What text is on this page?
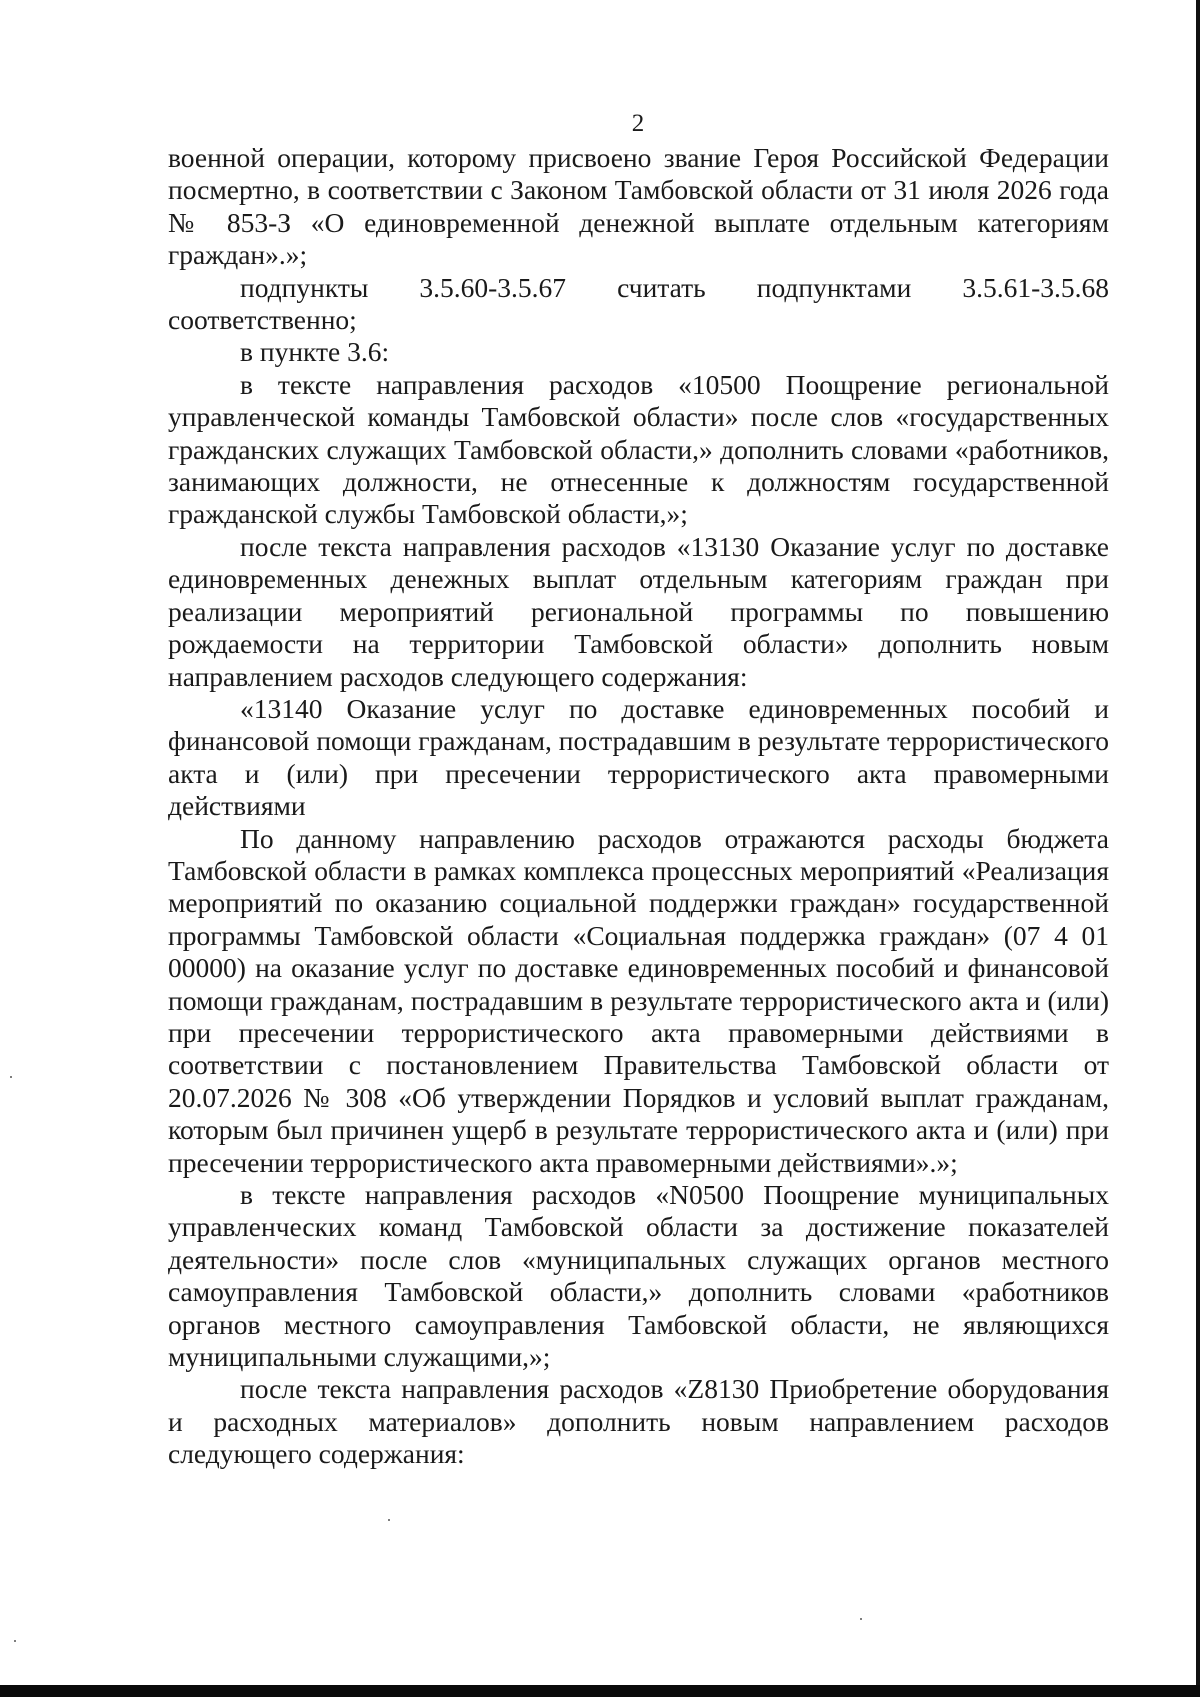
2

военной операции, которому присвоено звание Героя Российской Федерации посмертно, в соответствии с Законом Тамбовской области от 31 июля 2026 года № 853-З «О единовременной денежной выплате отдельным категориям граждан».»;

подпункты 3.5.60-3.5.67 считать подпунктами 3.5.61-3.5.68

соответственно;

в пункте 3.6:

в тексте направления расходов «10500 Поощрение региональной управленческой команды Тамбовской области» после слов «государственных гражданских служащих Тамбовской области,» дополнить словами «работников, занимающих должности, не отнесенные к должностям государственной гражданской службы Тамбовской области,»;

после текста направления расходов «13130 Оказание услуг по доставке единовременных денежных выплат отдельным категориям граждан при реализации мероприятий региональной программы по повышению рождаемости на территории Тамбовской области» дополнить новым направлением расходов следующего содержания:

«13140 Оказание услуг по доставке единовременных пособий и финансовой помощи гражданам, пострадавшим в результате террористического акта и (или) при пресечении террористического акта правомерными действиями

По данному направлению расходов отражаются расходы бюджета Тамбовской области в рамках комплекса процессных мероприятий «Реализация мероприятий по оказанию социальной поддержки граждан» государственной программы Тамбовской области «Социальная поддержка граждан» (07 4 01 00000) на оказание услуг по доставке единовременных пособий и финансовой помощи гражданам, пострадавшим в результате террористического акта и (или) при пресечении террористического акта правомерными действиями в соответствии с постановлением Правительства Тамбовской области от 20.07.2026 № 308 «Об утверждении Порядков и условий выплат гражданам, которым был причинен ущерб в результате террористического акта и (или) при пресечении террористического акта правомерными действиями».»;

в тексте направления расходов «N0500 Поощрение муниципальных управленческих команд Тамбовской области за достижение показателей деятельности» после слов «муниципальных служащих органов местного самоуправления Тамбовской области,» дополнить словами «работников органов местного самоуправления Тамбовской области, не являющихся муниципальными служащими,»;

после текста направления расходов «Z8130 Приобретение оборудования и расходных материалов» дополнить новым направлением расходов следующего содержания:
